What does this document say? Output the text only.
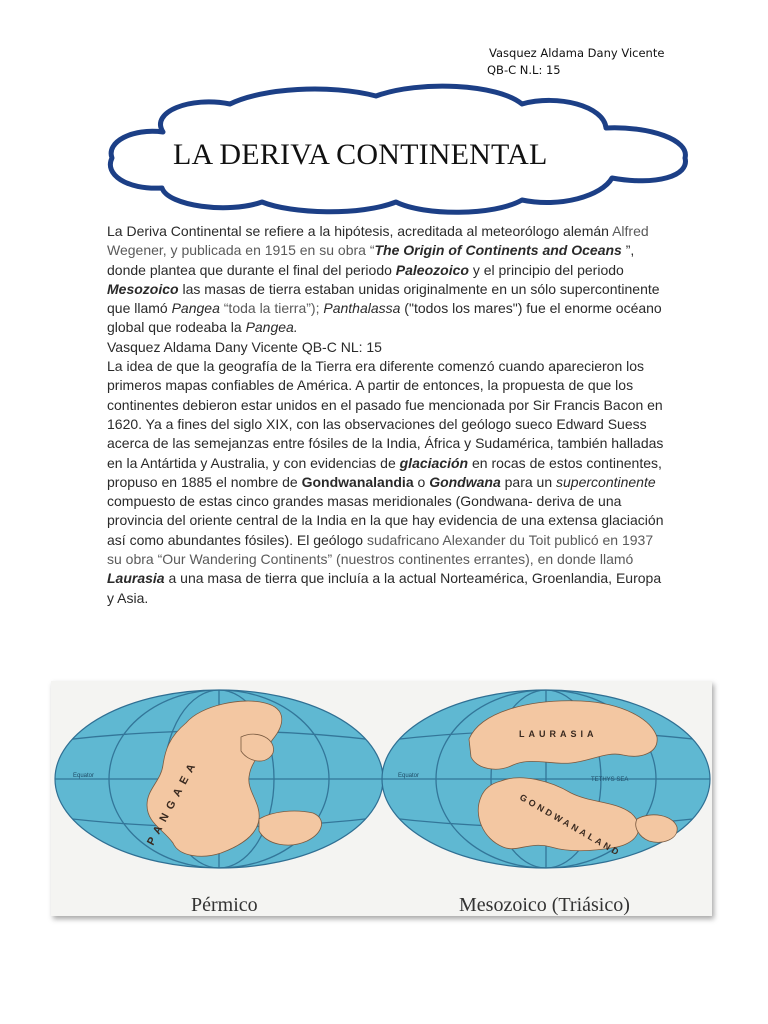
Vasquez Aldama Dany Vicente
QB-C N.L: 15
LA DERIVA CONTINENTAL

La Deriva Continental se refiere a la hipótesis, acreditada al meteorólogo alemán Alfred Wegener, y publicada en 1915 en su obra “The Origin of Continents and Oceans ”, donde plantea que durante el final del periodo Paleozoico y el principio del periodo Mesozoico las masas de tierra estaban unidas originalmente en un sólo supercontinente que llamó Pangea “toda la tierra”); Panthalassa ("todos los mares") fue el enorme océano global que rodeaba la Pangea.

Vasquez Aldama Dany Vicente QB-C NL: 15

La idea de que la geografía de la Tierra era diferente comenzó cuando aparecieron los primeros mapas confiables de América. A partir de entonces, la propuesta de que los continentes debieron estar unidos en el pasado fue mencionada por Sir Francis Bacon en 1620. Ya a fines del siglo XIX, con las observaciones del geólogo sueco Edward Suess acerca de las semejanzas entre fósiles de la India, África y Sudamérica, también halladas en la Antártida y Australia, y con evidencias de glaciación en rocas de estos continentes, propuso en 1885 el nombre de Gondwanalandia o Gondwana para un supercontinente compuesto de estas cinco grandes masas meridionales (Gondwana- deriva de una provincia del oriente central de la India en la que hay evidencia de una extensa glaciación así como abundantes fósiles). El geólogo sudafricano Alexander du Toit publicó en 1937 su obra “Our Wandering Continents” (nuestros continentes errantes), en donde llamó Laurasia a una masa de tierra que incluía a la actual Norteamérica, Groenlandia, Europa y Asia.

PANGAEA
Equator
Pérmico
LAURASIA
GONDWANALAND
TETHYS SEA
Equator
Mesozoico (Triásico)
